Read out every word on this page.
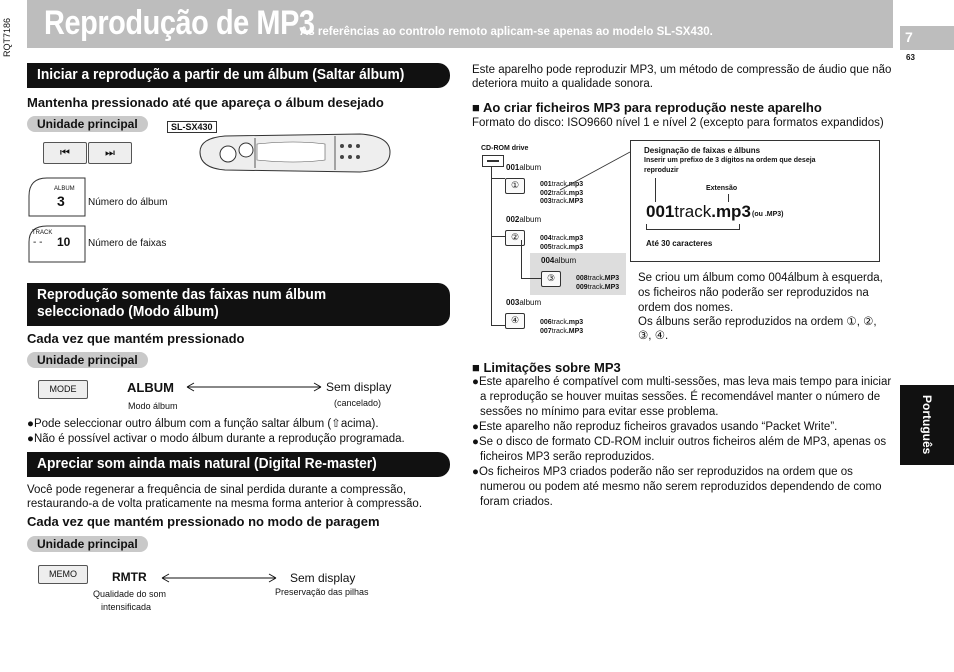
RQT7186 Reprodução de MP3
As referências ao controlo remoto aplicam-se apenas ao modelo SL-SX430.	7
63
Português
Iniciar a reprodução a partir de um álbum (Saltar álbum)
Mantenha pressionado até que apareça o álbum desejado
Unidade principal	SL-SX430
⏮	⏭
ALBUM
3 Número do álbum
TRACK
- - 10 Número de faixas
Reprodução somente das faixas num álbum
seleccionado (Modo álbum)
Cada vez que mantém pressionado
Unidade principal
MODE	ALBUM	Sem display
(cancelado)
Modo álbum
●Pode seleccionar outro álbum com a função saltar álbum (⇧acima).
●Não é possível activar o modo álbum durante a reprodução programada.
Apreciar som ainda mais natural (Digital Re-master)
Você pode regenerar a frequência de sinal perdida durante a compressão,
restaurando-a de volta praticamente na mesma forma anterior à compressão.
Cada vez que mantém pressionado no modo de paragem
Unidade principal
MEMO	RMTR	Sem display
Preservação das pilhas
Qualidade do som
intensificada
Este aparelho pode reproduzir MP3, um método de compressão de áudio que não
deteriora muito a qualidade sonora.
■ Ao criar ficheiros MP3 para reprodução neste aparelho
Formato do disco: ISO9660 nível 1 e nível 2 (excepto para formatos expandidos)
CD-ROM drive
001album
①	001track.mp3
002track.mp3
003track.MP3
002album
②	004track.mp3
005track.mp3
004album
③	008track.MP3
009track.MP3
003album
④	006track.mp3
007track.MP3
Designação de faixas e álbuns
Inserir um prefixo de 3 dígitos na ordem que deseja
reproduzir
Extensão
001track.mp3 (ou .MP3)
Até 30 caracteres
Se criou um álbum como 004álbum à esquerda,
os ficheiros não poderão ser reproduzidos na
ordem dos nomes.
Os álbuns serão reproduzidos na ordem ①, ②,
③, ④.
■ Limitações sobre MP3
●Este aparelho é compatível com multi-sessões, mas leva mais tempo para iniciar
a reprodução se houver muitas sessões. É recomendável manter o número de
sessões no mínimo para evitar esse problema.
●Este aparelho não reproduz ficheiros gravados usando “Packet Write”.
●Se o disco de formato CD-ROM incluir outros ficheiros além de MP3, apenas os
ficheiros MP3 serão reproduzidos.
●Os ficheiros MP3 criados poderão não ser reproduzidos na ordem que os
numerou ou podem até mesmo não serem reproduzidos dependendo de como
foram criados.
